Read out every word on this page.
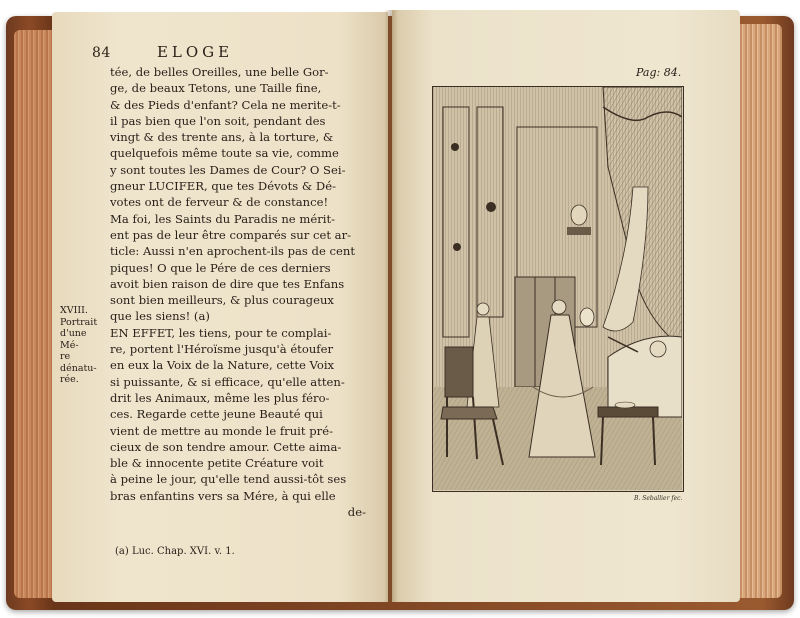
84	ELOGE
tée, de belles Oreilles, une belle Gor-
ge, de beaux Tetons, une Taille fine,
& des Pieds d'enfant? Cela ne merite-t-
il pas bien que l'on soit, pendant des
vingt & des trente ans, à la torture, &
quelquefois même toute sa vie, comme
y sont toutes les Dames de Cour? O Sei-
gneur LUCIFER, que tes Dévots & Dé-
votes ont de ferveur & de constance!
Ma foi, les Saints du Paradis ne mérit-
ent pas de leur être comparés sur cet ar-
ticle: Aussi n'en aprochent-ils pas de cent
piques! O que le Pére de ces derniers
avoit bien raison de dire que tes Enfans
sont bien meilleurs, & plus courageux
que les siens! (a)
EN EFFET, les tiens, pour te complai-
re, portent l'Héroïsme jusqu'à étoufer
en eux la Voix de la Nature, cette Voix
si puissante, & si efficace, qu'elle atten-
drit les Animaux, même les plus féro-
ces. Regarde cette jeune Beauté qui
vient de mettre au monde le fruit pré-
cieux de son tendre amour. Cette aima-
ble & innocente petite Créature voit
à peine le jour, qu'elle tend aussi-tôt ses
bras enfantins vers sa Mére, à qui elle
de-
XVIII.
Portrait
d'une Mé-
re dénatu-
rée.
(a) Luc. Chap. XVI. v. 1.
Pag: 84.
B. Seballier fec.
